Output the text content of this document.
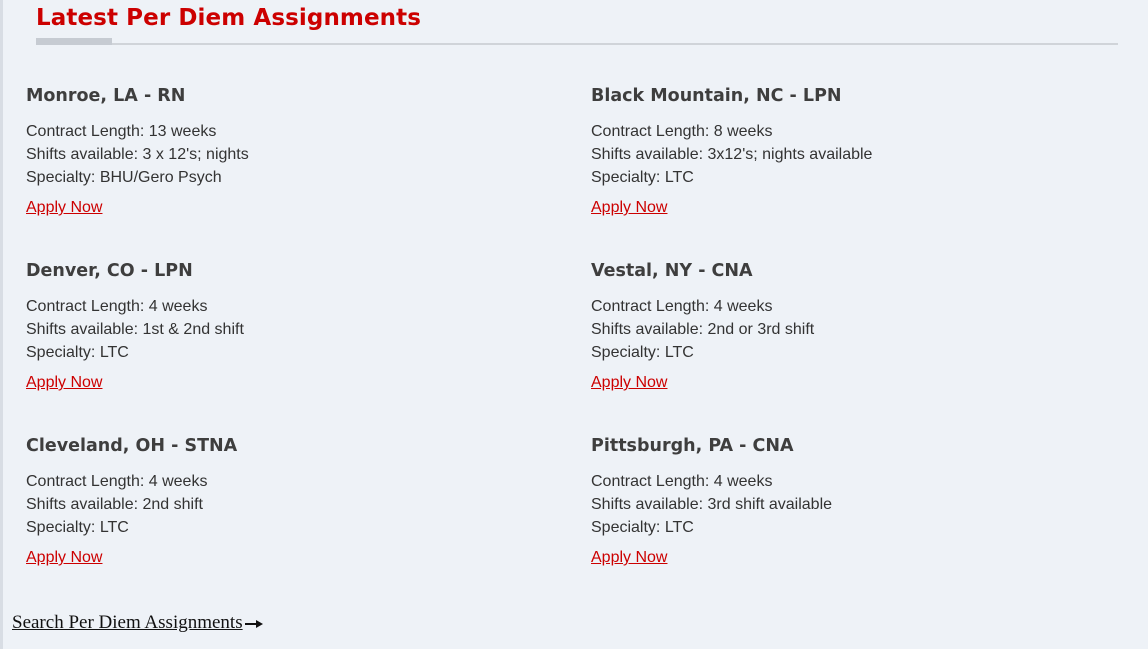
Latest Per Diem Assignments
Monroe, LA - RN
Contract Length: 13 weeks
Shifts available: 3 x 12's; nights
Specialty: BHU/Gero Psych
Apply Now
Black Mountain, NC - LPN
Contract Length: 8 weeks
Shifts available: 3x12's; nights available
Specialty: LTC
Apply Now
Denver, CO - LPN
Contract Length: 4 weeks
Shifts available: 1st & 2nd shift
Specialty: LTC
Apply Now
Vestal, NY - CNA
Contract Length: 4 weeks
Shifts available: 2nd or 3rd shift
Specialty: LTC
Apply Now
Cleveland, OH - STNA
Contract Length: 4 weeks
Shifts available: 2nd shift
Specialty: LTC
Apply Now
Pittsburgh, PA - CNA
Contract Length: 4 weeks
Shifts available: 3rd shift available
Specialty: LTC
Apply Now
Search Per Diem Assignments
